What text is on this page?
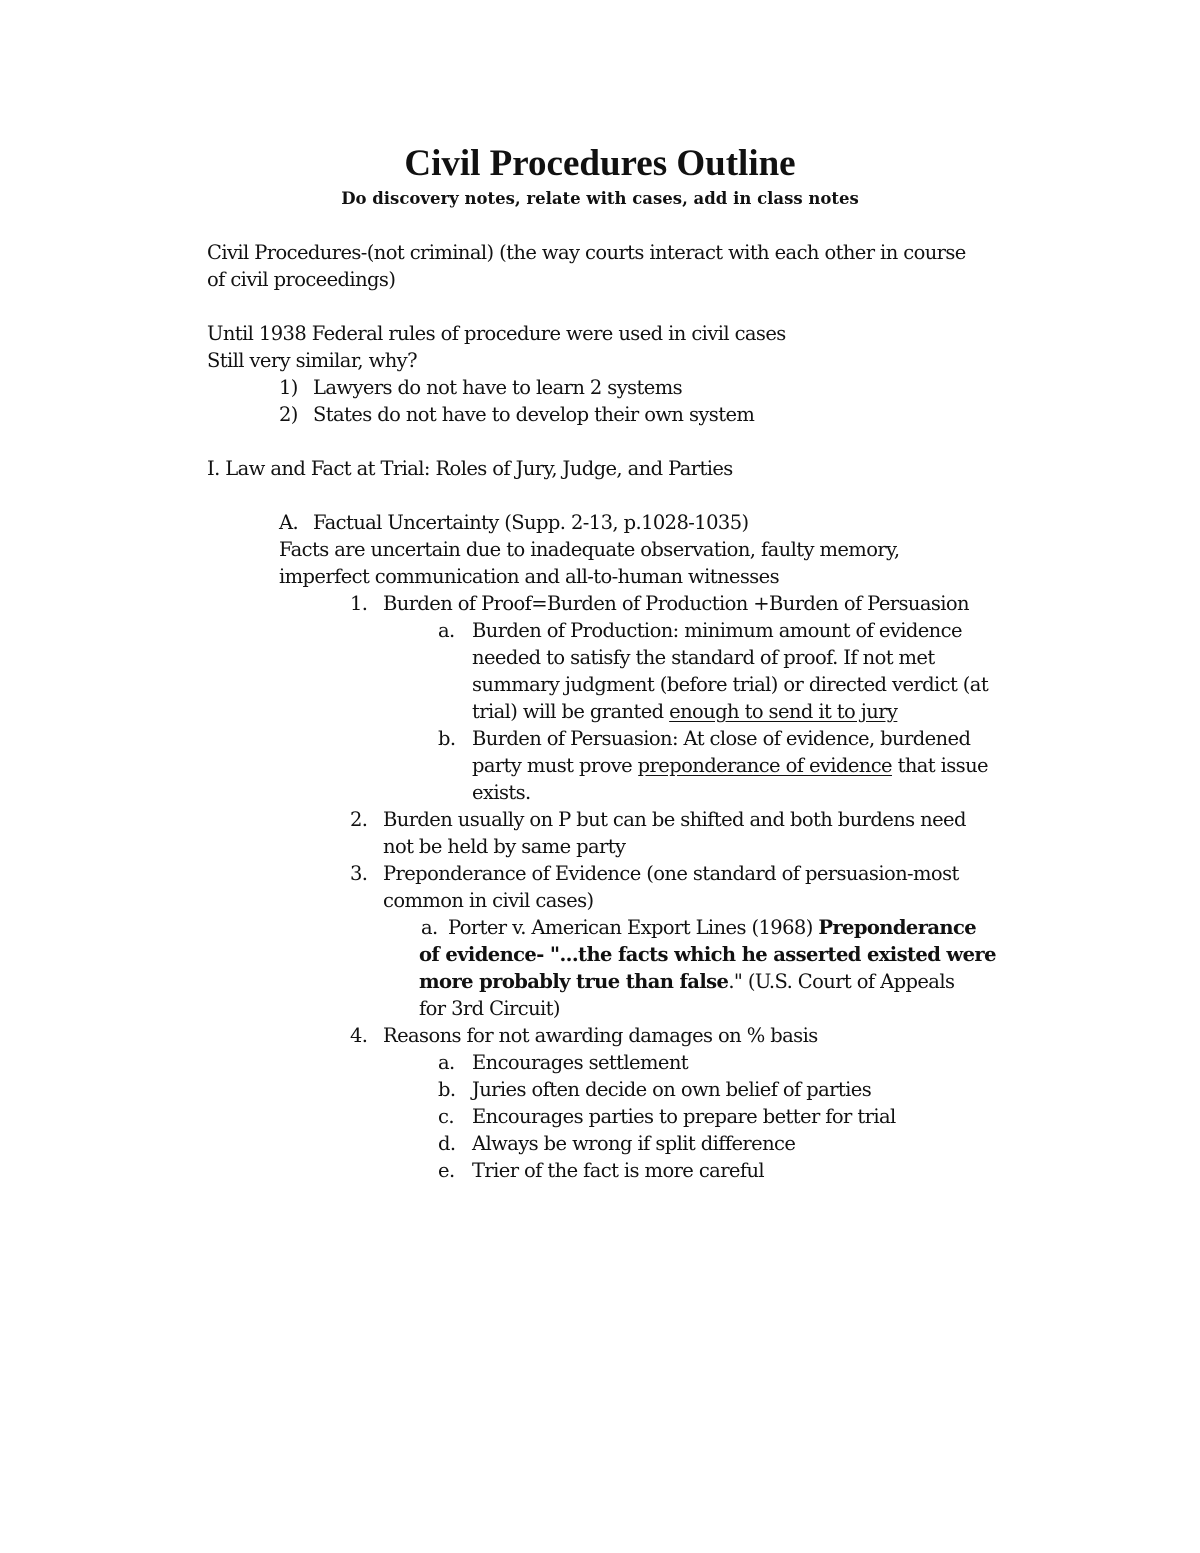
Civil Procedures Outline
Do discovery notes, relate with cases, add in class notes
Civil Procedures-(not criminal) (the way courts interact with each other in course
of civil proceedings)
Until 1938 Federal rules of procedure were used in civil cases
Still very similar, why?
1) Lawyers do not have to learn 2 systems
2) States do not have to develop their own system
I. Law and Fact at Trial: Roles of Jury, Judge, and Parties
A. Factual Uncertainty (Supp. 2-13, p.1028-1035)
Facts are uncertain due to inadequate observation, faulty memory,
imperfect communication and all-to-human witnesses
1. Burden of Proof=Burden of Production +Burden of Persuasion
a. Burden of Production: minimum amount of evidence
needed to satisfy the standard of proof. If not met
summary judgment (before trial) or directed verdict (at
trial) will be granted enough to send it to jury
b. Burden of Persuasion: At close of evidence, burdened
party must prove preponderance of evidence that issue
exists.
2. Burden usually on P but can be shifted and both burdens need
not be held by same party
3. Preponderance of Evidence (one standard of persuasion-most
common in civil cases)
a. Porter v. American Export Lines (1968) Preponderance
of evidence- "...the facts which he asserted existed were
more probably true than false." (U.S. Court of Appeals
for 3rd Circuit)
4. Reasons for not awarding damages on % basis
a. Encourages settlement
b. Juries often decide on own belief of parties
c. Encourages parties to prepare better for trial
d. Always be wrong if split difference
e. Trier of the fact is more careful
